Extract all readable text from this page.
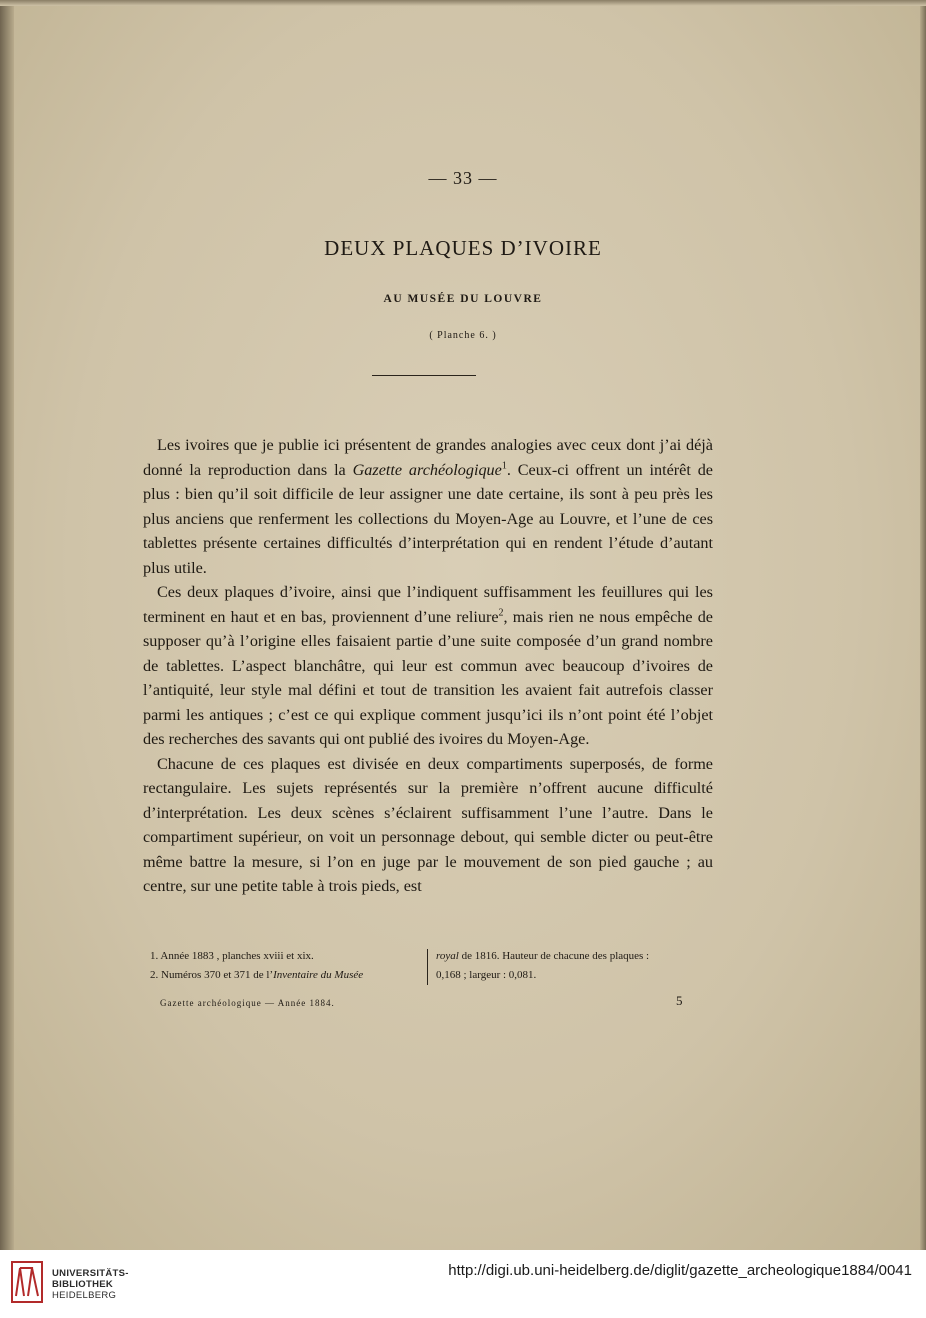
— 33 —
DEUX PLAQUES D’IVOIRE
AU MUSÉE DU LOUVRE
( Planche 6. )

Les ivoires que je publie ici présentent de grandes analogies avec ceux dont j’ai déjà donné la reproduction dans la Gazette archéologique$^1$. Ceux-ci offrent un intérêt de plus : bien qu’il soit difficile de leur assigner une date certaine, ils sont à peu près les plus anciens que renferment les collections du Moyen-Age au Louvre, et l’une de ces tablettes présente certaines difficultés d’interprétation qui en rendent l’étude d’autant plus utile.

Ces deux plaques d’ivoire, ainsi que l’indiquent suffisamment les feuillures qui les terminent en haut et en bas, proviennent d’une reliure$^2$, mais rien ne nous empêche de supposer qu’à l’origine elles faisaient partie d’une suite composée d’un grand nombre de tablettes. L’aspect blanchâtre, qui leur est commun avec beaucoup d’ivoires de l’antiquité, leur style mal défini et tout de transition les avaient fait autrefois classer parmi les antiques ; c’est ce qui explique comment jusqu’ici ils n’ont point été l’objet des recherches des savants qui ont publié des ivoires du Moyen-Age.

Chacune de ces plaques est divisée en deux compartiments superposés, de forme rectangulaire. Les sujets représentés sur la première n’offrent aucune difficulté d’interprétation. Les deux scènes s’éclairent suffisamment l’une l’autre. Dans le compartiment supérieur, on voit un personnage debout, qui semble dicter ou peut-être même battre la mesure, si l’on en juge par le mouvement de son pied gauche ; au centre, sur une petite table à trois pieds, est

1. Année 1883 , planches xviii et xix.
2. Numéros 370 et 371 de l’Inventaire du Musée
royal de 1816. Hauteur de chacune des plaques :
0,168 ; largeur : 0,081.
Gazette archéologique — Année 1884.	5
UNIVERSITÄTS-
BIBLIOTHEK
HEIDELBERG
http://digi.ub.uni-heidelberg.de/diglit/gazette_archeologique1884/0041
